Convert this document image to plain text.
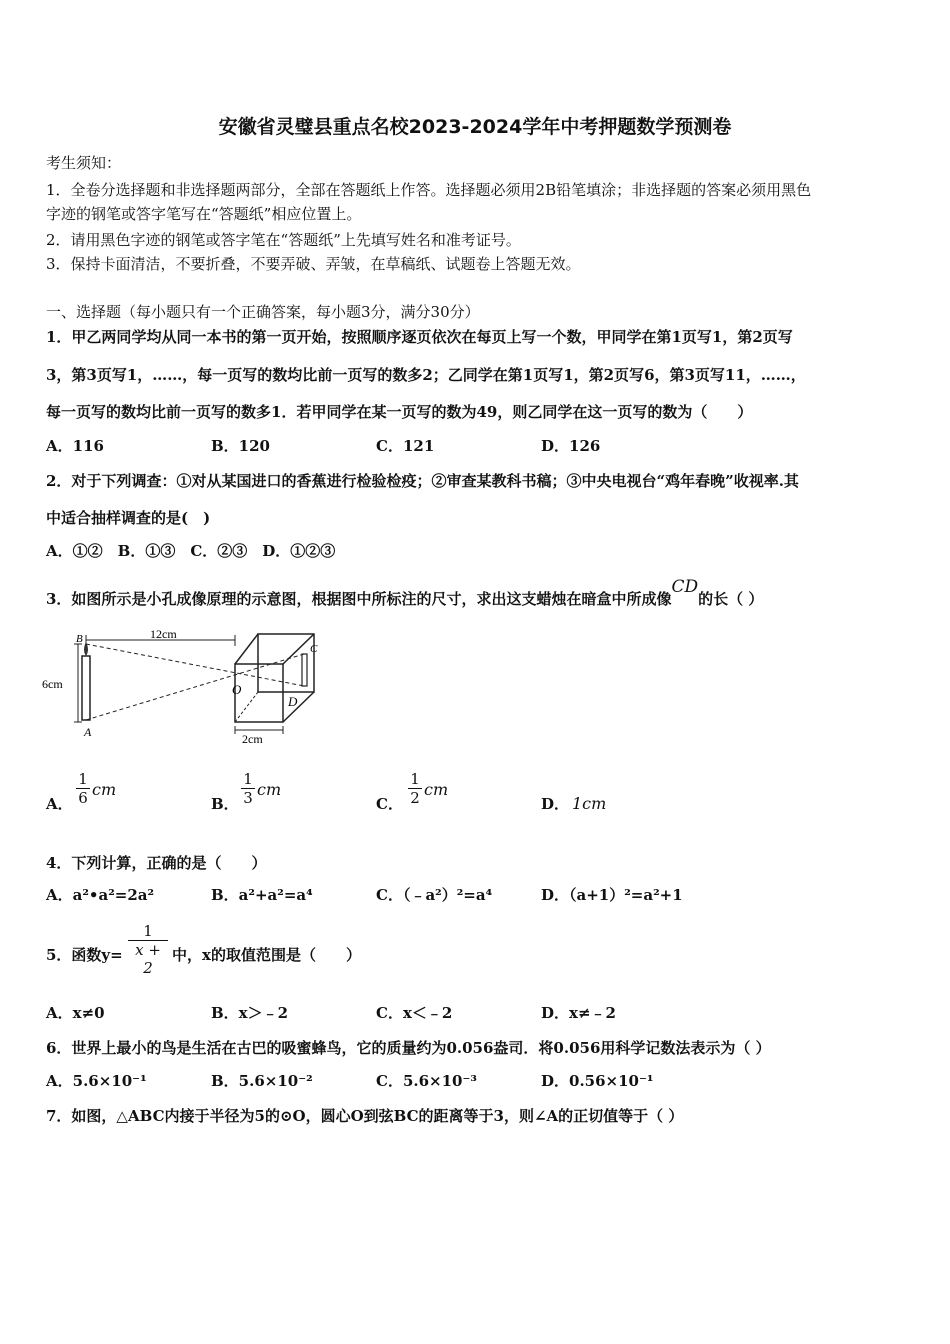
安徽省灵璧县重点名校2023-2024学年中考押题数学预测卷
考生须知：
1．全卷分选择题和非选择题两部分，全部在答题纸上作答。选择题必须用2B铅笔填涂；非选择题的答案必须用黑色
字迹的钢笔或答字笔写在“答题纸”相应位置上。
2．请用黑色字迹的钢笔或答字笔在“答题纸”上先填写姓名和准考证号。
3．保持卡面清洁，不要折叠，不要弄破、弄皱，在草稿纸、试题卷上答题无效。
一、选择题（每小题只有一个正确答案，每小题3分，满分30分）
1．甲乙两同学均从同一本书的第一页开始，按照顺序逐页依次在每页上写一个数，甲同学在第1页写1，第2页写
3，第3页写1，……，每一页写的数均比前一页写的数多2；乙同学在第1页写1，第2页写6，第3页写11，……，
每一页写的数均比前一页写的数多1．若甲同学在某一页写的数为49，则乙同学在这一页写的数为（　　）
A．116	B．120	C．121	D．126
2．对于下列调查：①对从某国进口的香蕉进行检验检疫；②审查某教科书稿；③中央电视台“鸡年春晚”收视率.其
中适合抽样调查的是(　)
A．①②　B．①③　C．②③　D．①②③
3．如图所示是小孔成像原理的示意图，根据图中所标注的尺寸，求出这支蜡烛在暗盒中所成像CD的长（ ）
12cm
6cm
2cm
B
A
O
C
D
A． $\frac{1}{6}$ cm
B． $\frac{1}{3}$ cm
C． $\frac{1}{2}$ cm
D． 1cm
4．下列计算，正确的是（　　）
A．a²•a²=2a²	B．a²+a²=a⁴	C．（﹣a²）²=a⁴	D．（a+1）²=a²+1
5．函数$y= \frac{1}{x + 2}$ 中，x的取值范围是（　　）
A．x≠0	B．x＞﹣2	C．x＜﹣2	D．x≠﹣2
6．世界上最小的鸟是生活在古巴的吸蜜蜂鸟，它的质量约为0.056盎司．将0.056用科学记数法表示为（ ）
A．5.6×10⁻¹	B．5.6×10⁻²	C．5.6×10⁻³	D．0.56×10⁻¹
7．如图，△ABC内接于半径为5的⊙O，圆心O到弦BC的距离等于3，则∠A的正切值等于（ ）
